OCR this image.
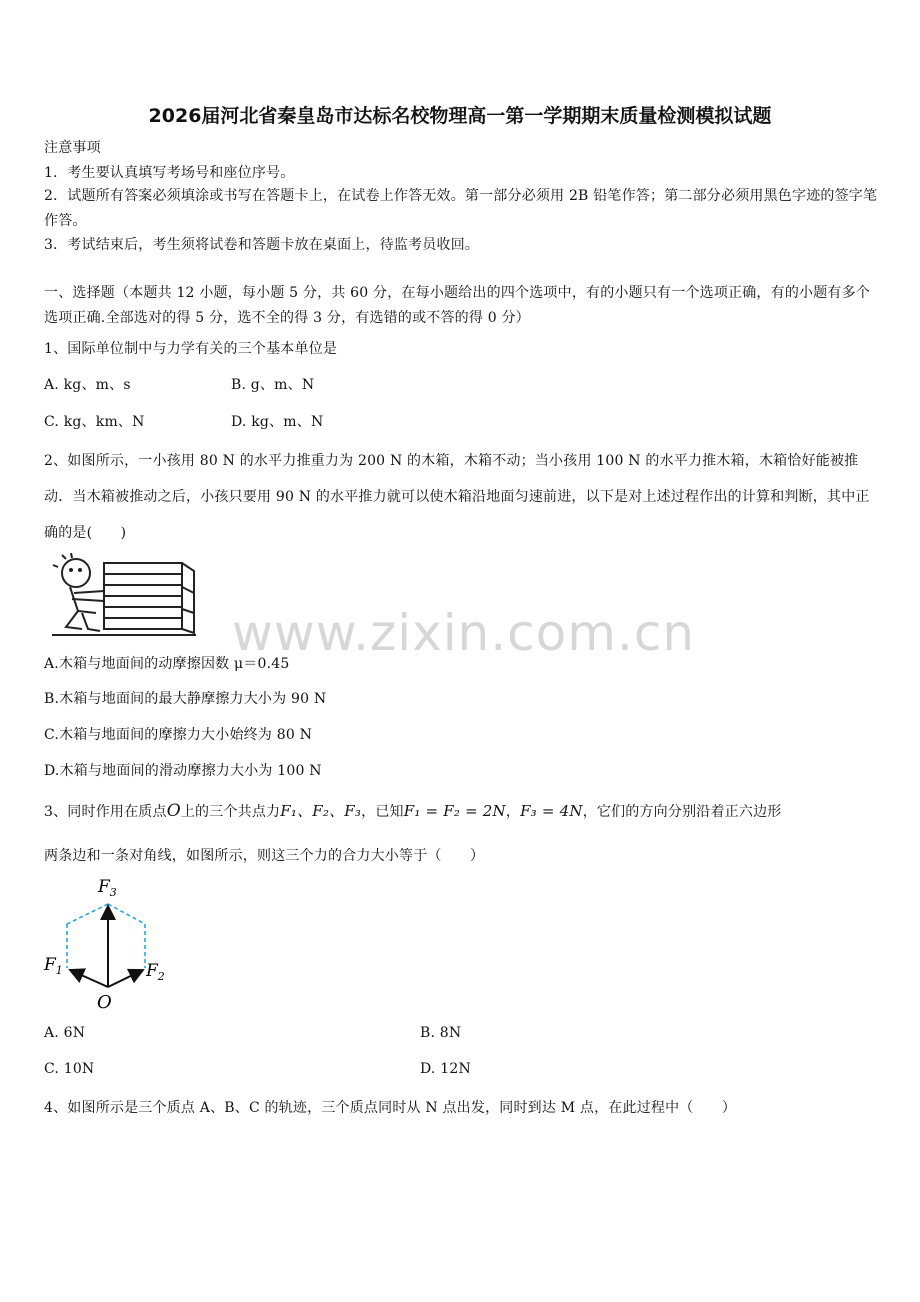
2026届河北省秦皇岛市达标名校物理高一第一学期期末质量检测模拟试题
注意事项
1．考生要认真填写考场号和座位序号。
2．试题所有答案必须填涂或书写在答题卡上，在试卷上作答无效。第一部分必须用 2B 铅笔作答；第二部分必须用黑色字迹的签字笔作答。
3．考试结束后，考生须将试卷和答题卡放在桌面上，待监考员收回。
一、选择题（本题共 12 小题，每小题 5 分，共 60 分，在每小题给出的四个选项中，有的小题只有一个选项正确，有的小题有多个选项正确.全部选对的得 5 分，选不全的得 3 分，有选错的或不答的得 0 分）
1、国际单位制中与力学有关的三个基本单位是
A. kg、m、s	B. g、m、N
C. kg、km、N	D. kg、m、N
2、如图所示，一小孩用 80 N 的水平力推重力为 200 N 的木箱，木箱不动；当小孩用 100 N 的水平力推木箱，木箱恰好能被推动．当木箱被推动之后，小孩只要用 90 N 的水平推力就可以使木箱沿地面匀速前进，以下是对上述过程作出的计算和判断，其中正确的是(　　)
www.zixin.com.cn
A.木箱与地面间的动摩擦因数 μ＝0.45
B.木箱与地面间的最大静摩擦力大小为 90 N
C.木箱与地面间的摩擦力大小始终为 80 N
D.木箱与地面间的滑动摩擦力大小为 100 N
3、同时作用在质点O上的三个共点力F₁、F₂、F₃，已知F₁ = F₂ = 2N，F₃ = 4N，它们的方向分别沿着正六边形
两条边和一条对角线，如图所示，则这三个力的合力大小等于（　　）
$F_3$
$F_1$	$F_2$
O
A. 6N	B. 8N
C. 10N	D. 12N
4、如图所示是三个质点 A、B、C 的轨迹，三个质点同时从 N 点出发，同时到达 M 点，在此过程中（　　）
